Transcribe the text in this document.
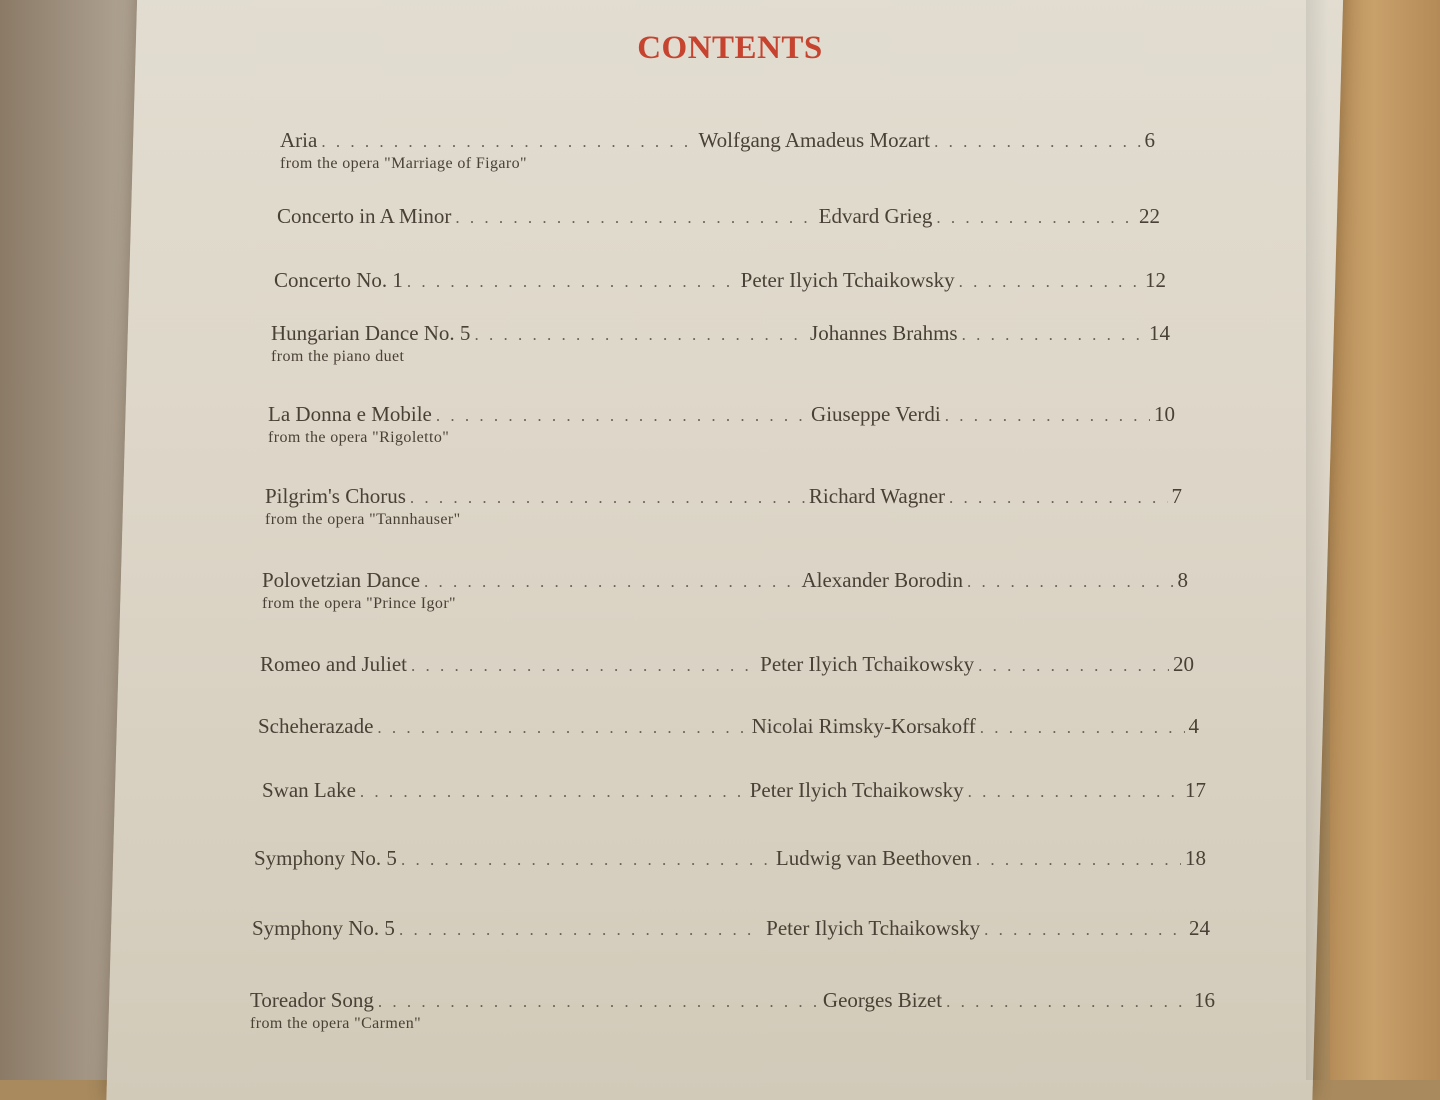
CONTENTS
Aria . . .	Wolfgang Amadeus Mozart . . .	6
from the opera "Marriage of Figaro"
Concerto in A Minor . . .	Edvard Grieg . . .	22
Concerto No. 1 . . .	Peter Ilyich Tchaikowsky . . .	12
Hungarian Dance No. 5 . . .	Johannes Brahms . . .	14
from the piano duet
La Donna e Mobile . . .	Giuseppe Verdi . . .	10
from the opera "Rigoletto"
Pilgrim's Chorus . . .	Richard Wagner . . .	7
from the opera "Tannhauser"
Polovetzian Dance . . .	Alexander Borodin . . .	8
from the opera "Prince Igor"
Romeo and Juliet . . .	Peter Ilyich Tchaikowsky . . .	20
Scheherazade . . .	Nicolai Rimsky-Korsakoff . . .	4
Swan Lake . . .	Peter Ilyich Tchaikowsky . . .	17
Symphony No. 5 . . .	Ludwig van Beethoven . . .	18
Symphony No. 5 . . .	Peter Ilyich Tchaikowsky . . .	24
Toreador Song . . .	Georges Bizet . . .	16
from the opera "Carmen"
